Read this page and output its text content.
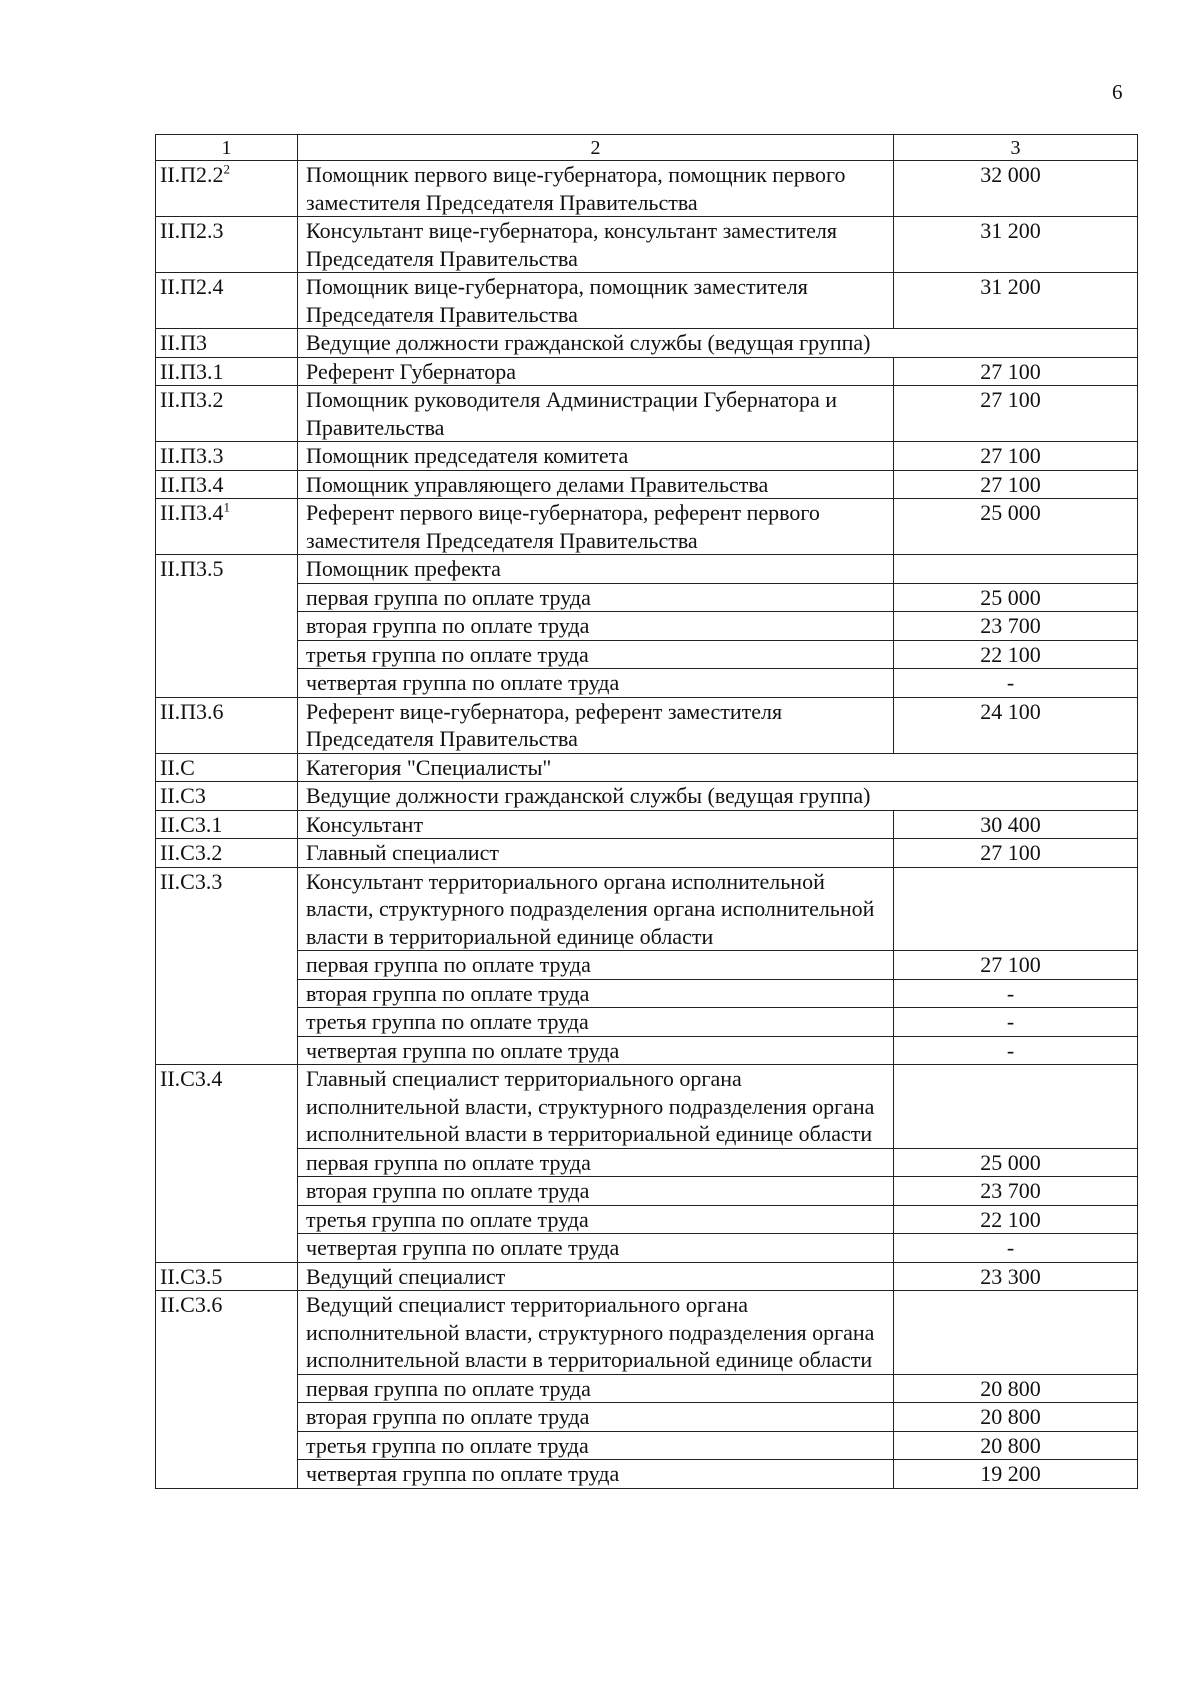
6
1	2	3
$II.П2.2^2$	Помощник первого вице-губернатора, помощник первого заместителя Председателя Правительства	32 000
II.П2.3	Консультант вице-губернатора, консультант заместителя Председателя Правительства	31 200
II.П2.4	Помощник вице-губернатора, помощник заместителя Председателя Правительства	31 200
II.П3	Ведущие должности гражданской службы (ведущая группа)	
II.П3.1	Референт Губернатора	27 100
II.П3.2	Помощник руководителя Администрации Губернатора и Правительства	27 100
II.П3.3	Помощник председателя комитета	27 100
II.П3.4	Помощник управляющего делами Правительства	27 100
$II.П3.4^1$	Референт первого вице-губернатора, референт первого заместителя Председателя Правительства	25 000
II.П3.5	Помощник префекта	
	первая группа по оплате труда	25 000
	вторая группа по оплате труда	23 700
	третья группа по оплате труда	22 100
	четвертая группа по оплате труда	-
II.П3.6	Референт вице-губернатора, референт заместителя Председателя Правительства	24 100
II.С	Категория "Специалисты"	
II.С3	Ведущие должности гражданской службы (ведущая группа)	
II.С3.1	Консультант	30 400
II.С3.2	Главный специалист	27 100
II.С3.3	Консультант территориального органа исполнительной власти, структурного подразделения органа исполнительной власти в территориальной единице области	
	первая группа по оплате труда	27 100
	вторая группа по оплате труда	-
	третья группа по оплате труда	-
	четвертая группа по оплате труда	-
II.С3.4	Главный специалист территориального органа исполнительной власти, структурного подразделения органа исполнительной власти в территориальной единице области	
	первая группа по оплате труда	25 000
	вторая группа по оплате труда	23 700
	третья группа по оплате труда	22 100
	четвертая группа по оплате труда	-
II.С3.5	Ведущий специалист	23 300
II.С3.6	Ведущий специалист территориального органа исполнительной власти, структурного подразделения органа исполнительной власти в территориальной единице области	
	первая группа по оплате труда	20 800
	вторая группа по оплате труда	20 800
	третья группа по оплате труда	20 800
	четвертая группа по оплате труда	19 200
